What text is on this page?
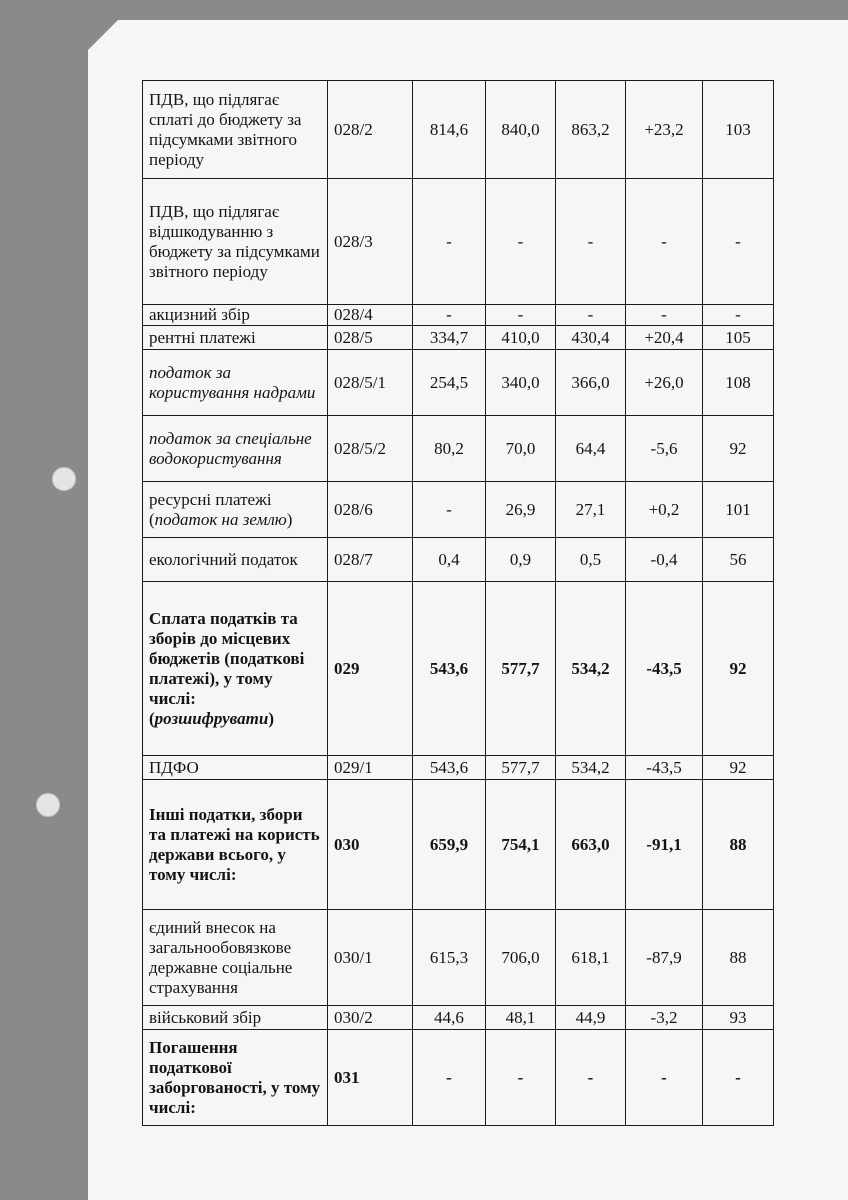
ПДВ, що підлягає сплаті до бюджету за підсумками звітного періоду	028/2	814,6	840,0	863,2	+23,2	103
ПДВ, що підлягає відшкодуванню з бюджету за підсумками звітного періоду	028/3	-	-	-	-	-
акцизний збір	028/4	-	-	-	-	-
рентні платежі	028/5	334,7	410,0	430,4	+20,4	105
податок за користування надрами	028/5/1	254,5	340,0	366,0	+26,0	108
податок за спеціальне водокористування	028/5/2	80,2	70,0	64,4	-5,6	92
ресурсні платежі (податок на землю)	028/6	-	26,9	27,1	+0,2	101
екологічний податок	028/7	0,4	0,9	0,5	-0,4	56
Сплата податків та зборів до місцевих бюджетів (податкові платежі), у тому числі: (розшифрувати)	029	543,6	577,7	534,2	-43,5	92
ПДФО	029/1	543,6	577,7	534,2	-43,5	92
Інші податки, збори та платежі на користь держави всього, у тому числі:	030	659,9	754,1	663,0	-91,1	88
єдиний внесок на загальнообовязкове державне соціальне страхування	030/1	615,3	706,0	618,1	-87,9	88
військовий збір	030/2	44,6	48,1	44,9	-3,2	93
Погашення податкової заборгованості, у тому числі:	031	-	-	-	-	-
